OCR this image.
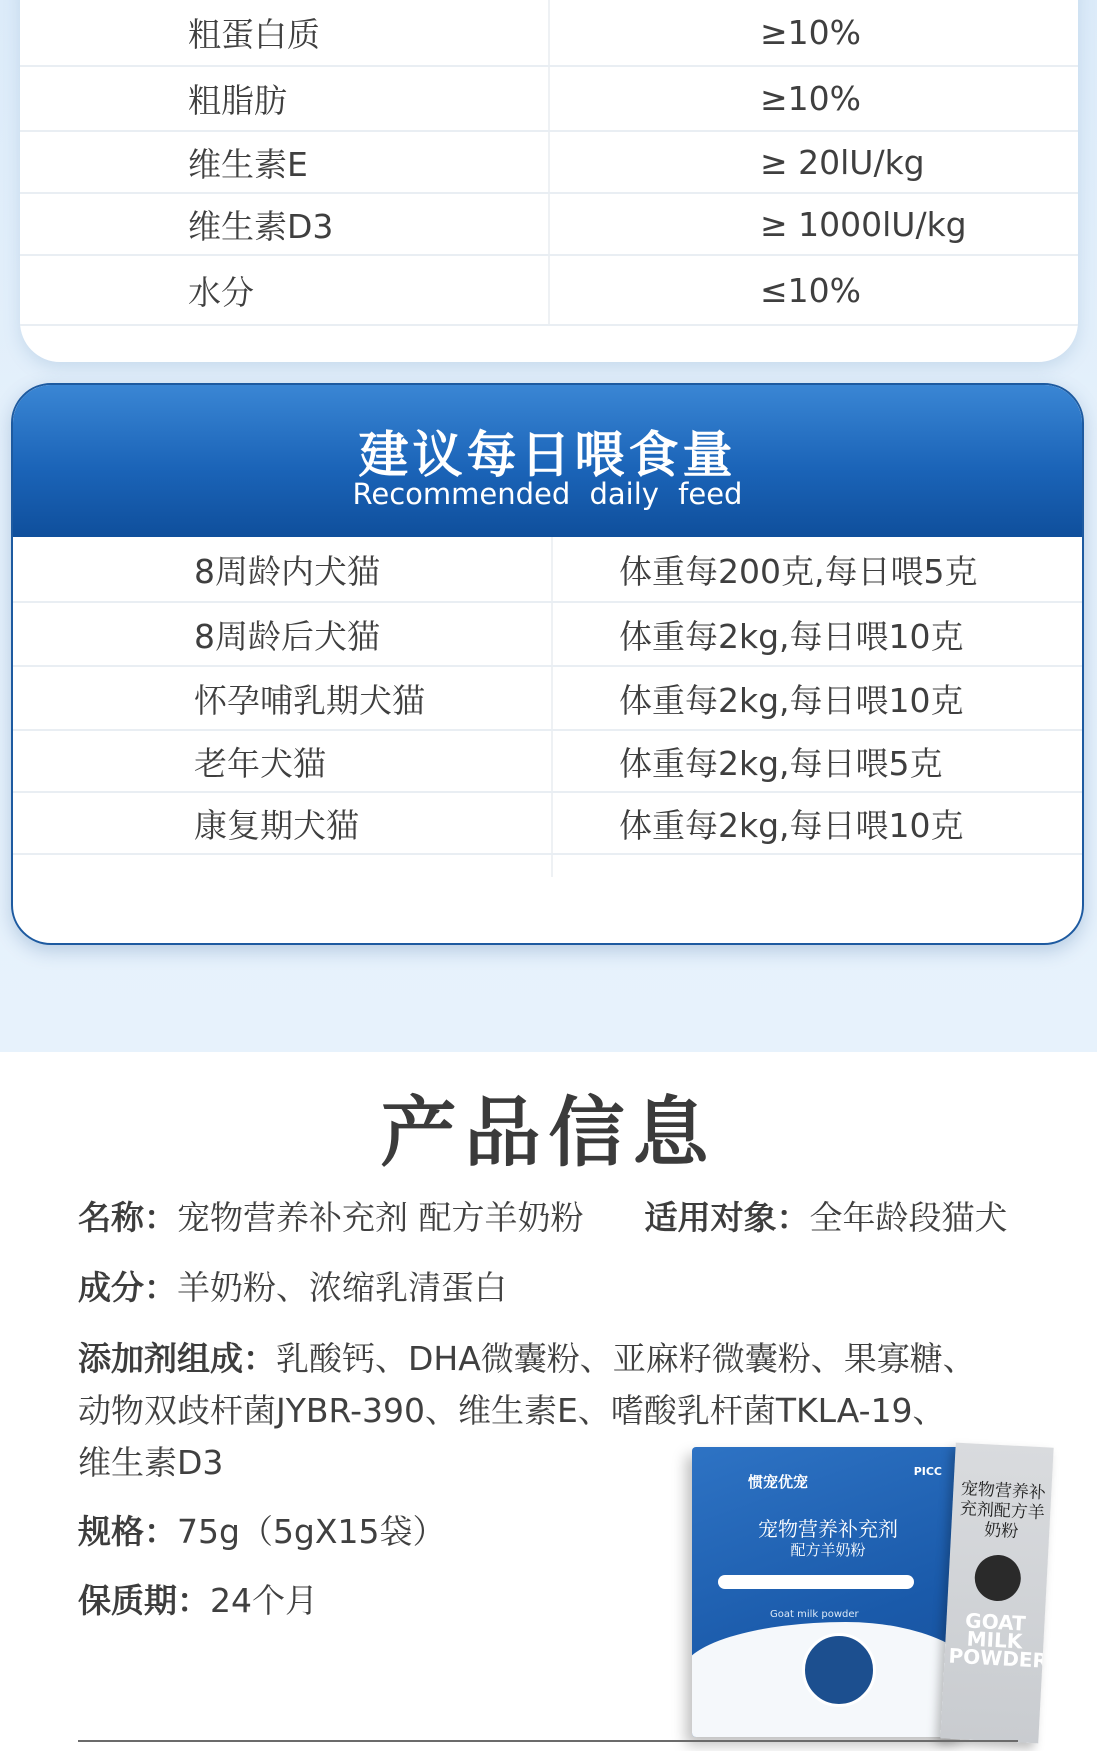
粗蛋白质	≥10%
粗脂肪	≥10%
维生素E	≥ 20lU/kg
维生素D3	≥ 1000lU/kg
水分	≤10%
建议每日喂食量
Recommended daily feed
8周龄内犬猫	体重每200克,每日喂5克
8周龄后犬猫	体重每2kg,每日喂10克
怀孕哺乳期犬猫	体重每2kg,每日喂10克
老年犬猫	体重每2kg,每日喂5克
康复期犬猫	体重每2kg,每日喂10克
产品信息
名称：宠物营养补充剂 配方羊奶粉 适用对象：全年龄段猫犬
成分：羊奶粉、浓缩乳清蛋白
添加剂组成：乳酸钙、DHA微囊粉、亚麻籽微囊粉、果寡糖、
动物双歧杆菌JYBR-390、维生素E、嗜酸乳杆菌TKLA-19、
维生素D3
规格：75g（5gX15袋）
保质期：24个月
惯宠优宠
PICC
宠物营养补充剂
配方羊奶粉
Goat milk powder
宠物营养补充剂配方羊奶粉
GOAT MILK POWDER
